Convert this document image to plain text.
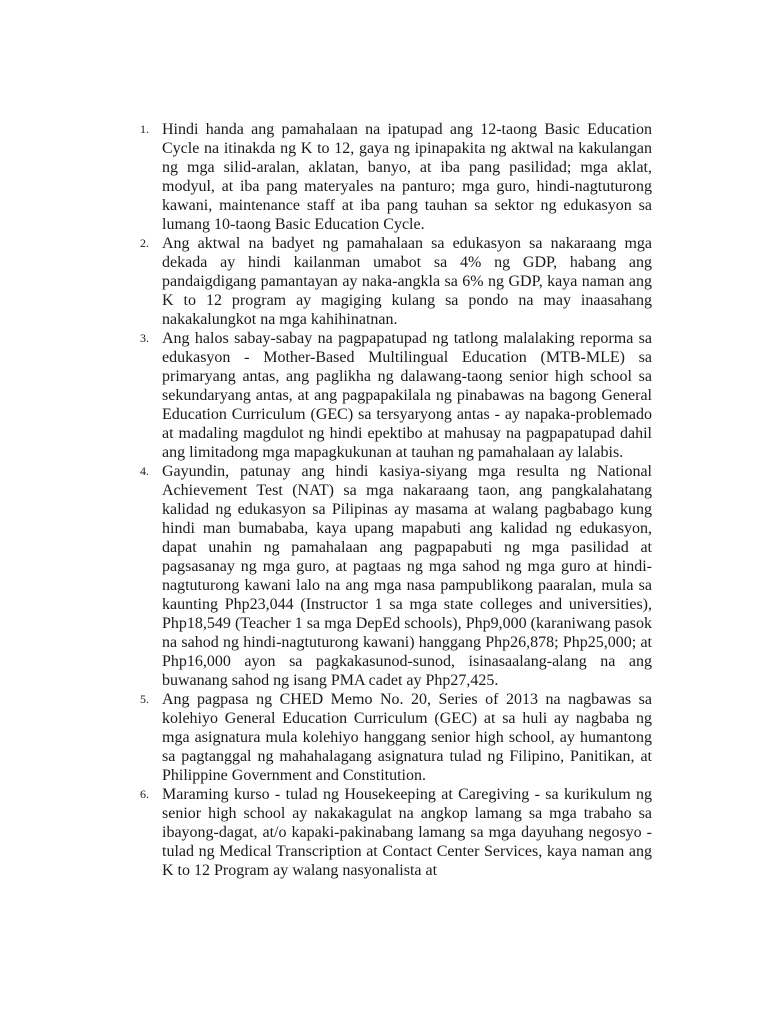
1. Hindi handa ang pamahalaan na ipatupad ang 12-taong Basic Education Cycle na itinakda ng K to 12, gaya ng ipinapakita ng aktwal na kakulangan ng mga silid-aralan, aklatan, banyo, at iba pang pasilidad; mga aklat, modyul, at iba pang materyales na panturo; mga guro, hindi-nagtuturong kawani, maintenance staff at iba pang tauhan sa sektor ng edukasyon sa lumang 10-taong Basic Education Cycle.
2. Ang aktwal na badyet ng pamahalaan sa edukasyon sa nakaraang mga dekada ay hindi kailanman umabot sa 4% ng GDP, habang ang pandaigdigang pamantayan ay naka-angkla sa 6% ng GDP, kaya naman ang K to 12 program ay magiging kulang sa pondo na may inaasahang nakakalungkot na mga kahihinatnan.
3. Ang halos sabay-sabay na pagpapatupad ng tatlong malalaking reporma sa edukasyon - Mother-Based Multilingual Education (MTB-MLE) sa primaryang antas, ang paglikha ng dalawang-taong senior high school sa sekundaryang antas, at ang pagpapakilala ng pinabawas na bagong General Education Curriculum (GEC) sa tersyaryong antas - ay napaka-problemado at madaling magdulot ng hindi epektibo at mahusay na pagpapatupad dahil ang limitadong mga mapagkukunan at tauhan ng pamahalaan ay lalabis.
4. Gayundin, patunay ang hindi kasiya-siyang mga resulta ng National Achievement Test (NAT) sa mga nakaraang taon, ang pangkalahatang kalidad ng edukasyon sa Pilipinas ay masama at walang pagbabago kung hindi man bumababa, kaya upang mapabuti ang kalidad ng edukasyon, dapat unahin ng pamahalaan ang pagpapabuti ng mga pasilidad at pagsasanay ng mga guro, at pagtaas ng mga sahod ng mga guro at hindi-nagtuturong kawani lalo na ang mga nasa pampublikong paaralan, mula sa kaunting Php23,044 (Instructor 1 sa mga state colleges and universities), Php18,549 (Teacher 1 sa mga DepEd schools), Php9,000 (karaniwang pasok na sahod ng hindi-nagtuturong kawani) hanggang Php26,878; Php25,000; at Php16,000 ayon sa pagkakasunod-sunod, isinasaalang-alang na ang buwanang sahod ng isang PMA cadet ay Php27,425.
5. Ang pagpasa ng CHED Memo No. 20, Series of 2013 na nagbawas sa kolehiyo General Education Curriculum (GEC) at sa huli ay nagbaba ng mga asignatura mula kolehiyo hanggang senior high school, ay humantong sa pagtanggal ng mahahalagang asignatura tulad ng Filipino, Panitikan, at Philippine Government and Constitution.
6. Maraming kurso - tulad ng Housekeeping at Caregiving - sa kurikulum ng senior high school ay nakakagulat na angkop lamang sa mga trabaho sa ibayong-dagat, at/o kapaki-pakinabang lamang sa mga dayuhang negosyo - tulad ng Medical Transcription at Contact Center Services, kaya naman ang K to 12 Program ay walang nasyonalista at
